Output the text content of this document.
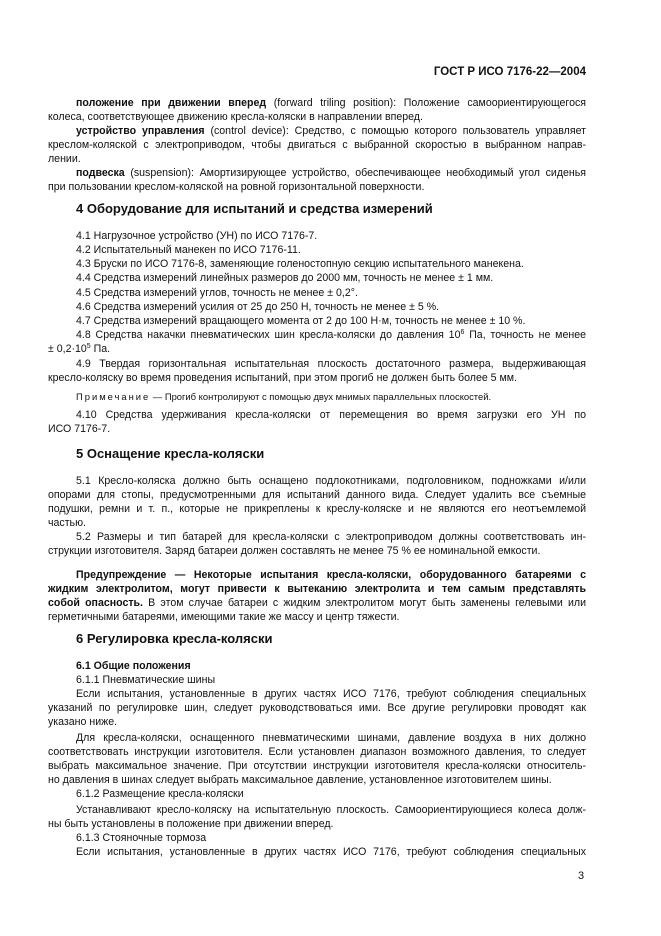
ГОСТ Р ИСО 7176-22—2004
положение при движении вперед (forward triling position): Положение самоориентирующегося
колеса, соответствующее движению кресла-коляски в направлении вперед.
устройство управления (control device): Средство, с помощью которого пользователь управляет
креслом-коляской с электроприводом, чтобы двигаться с выбранной скоростью в выбранном направ-
лении.
подвеска (suspension): Амортизирующее устройство, обеспечивающее необходимый угол сиденья
при пользовании креслом-коляской на ровной горизонтальной поверхности.
4 Оборудование для испытаний и средства измерений
4.1 Нагрузочное устройство (УН) по ИСО 7176-7.
4.2 Испытательный манекен по ИСО 7176-11.
4.3 Бруски по ИСО 7176-8, заменяющие голеностопную секцию испытательного манекена.
4.4 Средства измерений линейных размеров до 2000 мм, точность не менее ± 1 мм.
4.5 Средства измерений углов, точность не менее ± 0,2°.
4.6 Средства измерений усилия от 25 до 250 Н, точность не менее ± 5 %.
4.7 Средства измерений вращающего момента от 2 до 100 Н·м, точность не менее ± 10 %.
4.8 Средства накачки пневматических шин кресла-коляски до давления $10^6$ Па, точность не менее
± $0,2\cdot 10^5$ Па.
4.9 Твердая горизонтальная испытательная плоскость достаточного размера, выдерживающая
кресло-коляску во время проведения испытаний, при этом прогиб не должен быть более 5 мм.
Примечание — Прогиб контролируют с помощью двух мнимых параллельных плоскостей.
4.10 Средства удерживания кресла-коляски от перемещения во время загрузки его УН по
ИСО 7176-7.
5 Оснащение кресла-коляски
5.1 Кресло-коляска должно быть оснащено подлокотниками, подголовником, подножками и/или
опорами для стопы, предусмотренными для испытаний данного вида. Следует удалить все съемные
подушки, ремни и т. п., которые не прикреплены к креслу-коляске и не являются его неотъемлемой
частью.
5.2 Размеры и тип батарей для кресла-коляски с электроприводом должны соответствовать ин-
струкции изготовителя. Заряд батареи должен составлять не менее 75 % ее номинальной емкости.
Предупреждение — Некоторые испытания кресла-коляски, оборудованного батареями с
жидким электролитом, могут привести к вытеканию электролита и тем самым представлять
собой опасность. В этом случае батареи с жидким электролитом могут быть заменены гелевыми или
герметичными батареями, имеющими такие же массу и центр тяжести.
6 Регулировка кресла-коляски
6.1 Общие положения
6.1.1 Пневматические шины
Если испытания, установленные в других частях ИСО 7176, требуют соблюдения специальных
указаний по регулировке шин, следует руководствоваться ими. Все другие регулировки проводят как
указано ниже.
Для кресла-коляски, оснащенного пневматическими шинами, давление воздуха в них должно
соответствовать инструкции изготовителя. Если установлен диапазон возможного давления, то следует
выбрать максимальное значение. При отсутствии инструкции изготовителя кресла-коляски относитель-
но давления в шинах следует выбрать максимальное давление, установленное изготовителем шины.
6.1.2 Размещение кресла-коляски
Устанавливают кресло-коляску на испытательную плоскость. Самоориентирующиеся колеса долж-
ны быть установлены в положение при движении вперед.
6.1.3 Стояночные тормоза
Если испытания, установленные в других частях ИСО 7176, требуют соблюдения специальных
3
